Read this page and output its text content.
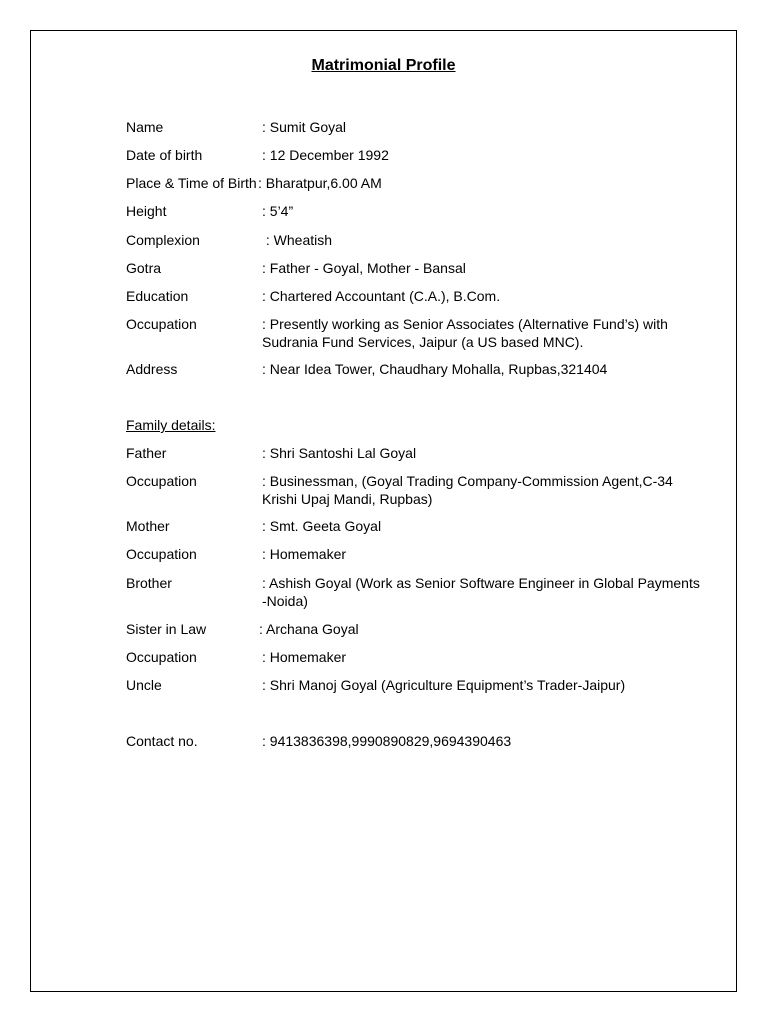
Matrimonial Profile
Name	: Sumit Goyal
Date of birth	: 12 December 1992
Place & Time of Birth : Bharatpur,6.00 AM
Height	: 5’4”
Complexion	: Wheatish
Gotra	: Father - Goyal, Mother - Bansal
Education	: Chartered Accountant (C.A.), B.Com.
Occupation	: Presently working as Senior Associates (Alternative Fund’s) with Sudrania Fund Services, Jaipur (a US based MNC).
Address	: Near Idea Tower, Chaudhary Mohalla, Rupbas,321404
Family details:
Father	: Shri Santoshi Lal Goyal
Occupation	: Businessman, (Goyal Trading Company-Commission Agent,C-34 Krishi Upaj Mandi, Rupbas)
Mother	: Smt. Geeta Goyal
Occupation	: Homemaker
Brother	: Ashish Goyal (Work as Senior Software Engineer in Global Payments -Noida)
Sister in Law	: Archana Goyal
Occupation	: Homemaker
Uncle	: Shri Manoj Goyal (Agriculture Equipment’s Trader-Jaipur)
Contact no.	: 9413836398,9990890829,9694390463
